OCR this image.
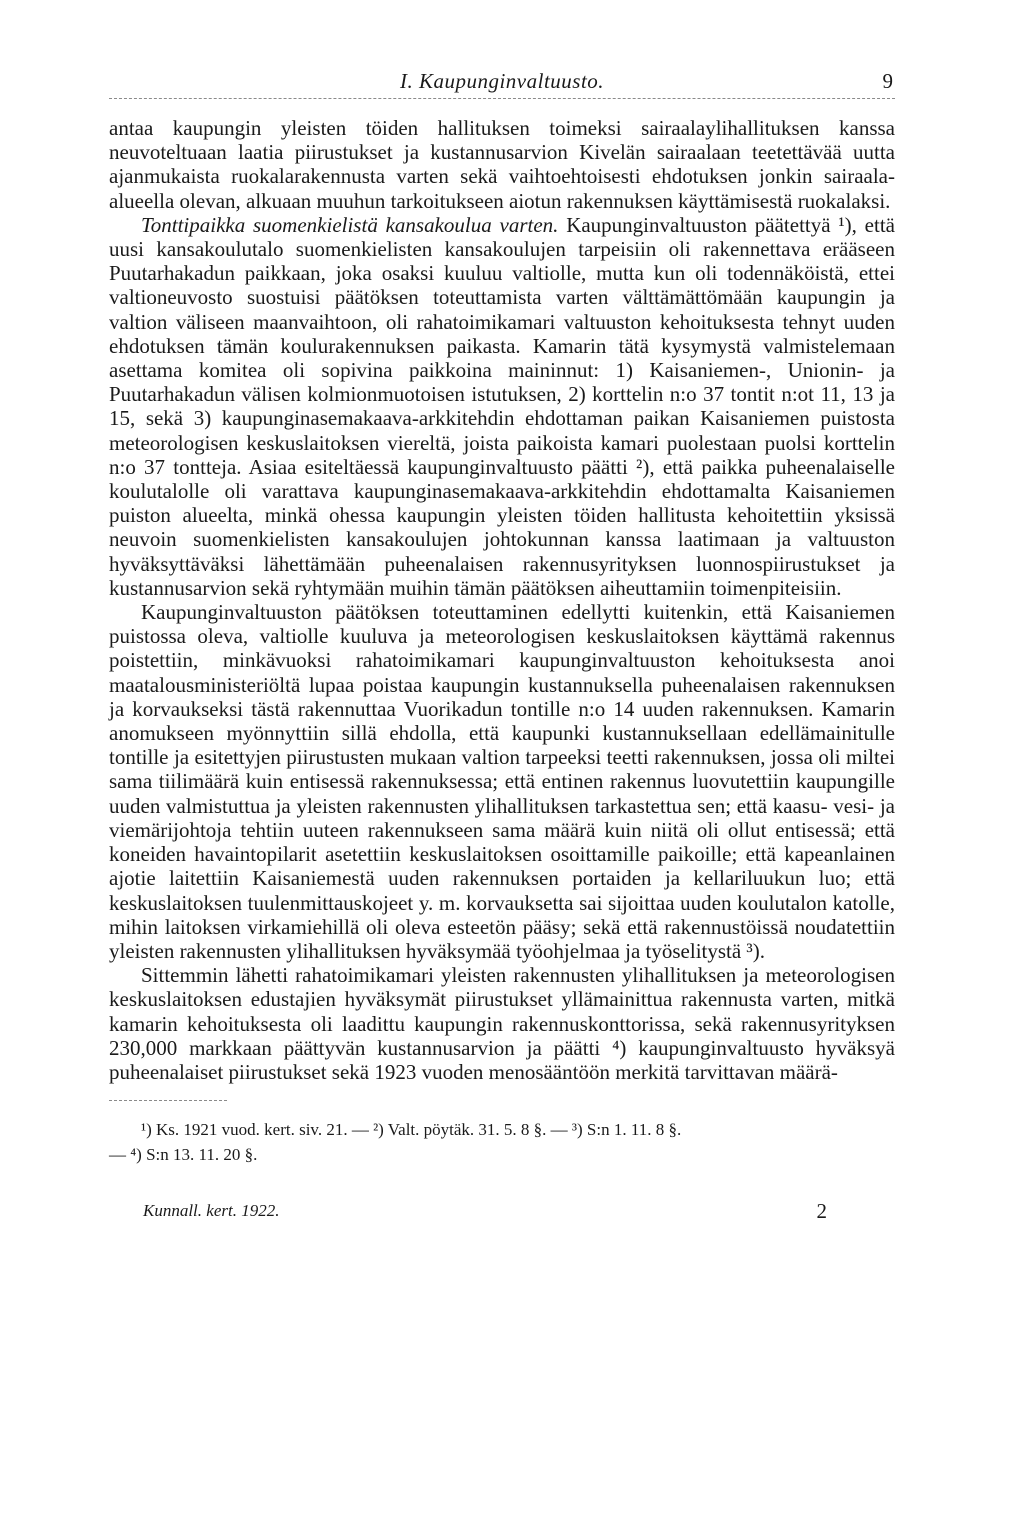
I. Kaupunginvaltuusto.	9

antaa kaupungin yleisten töiden hallituksen toimeksi sairaalaylihallituksen kanssa neuvoteltuaan laatia piirustukset ja kustannusarvion Kivelän sairaalaan teetettävää uutta ajanmukaista ruokalarakennusta varten sekä vaihtoehtoisesti ehdotuksen jonkin sairaala-alueella olevan, alkuaan muuhun tarkoitukseen aiotun rakennuksen käyttämisestä ruokalaksi.

Tonttipaikka suomenkielistä kansakoulua varten. Kaupunginvaltuuston päätettyä ¹), että uusi kansakoulutalo suomenkielisten kansakoulujen tarpeisiin oli rakennettava erääseen Puutarhakadun paikkaan, joka osaksi kuuluu valtiolle, mutta kun oli todennäköistä, ettei valtioneuvosto suostuisi päätöksen toteuttamista varten välttämättömään kaupungin ja valtion väliseen maanvaihtoon, oli rahatoimikamari valtuuston kehoituksesta tehnyt uuden ehdotuksen tämän koulurakennuksen paikasta. Kamarin tätä kysymystä valmistelemaan asettama komitea oli sopivina paikkoina maininnut: 1) Kaisaniemen-, Unionin- ja Puutarhakadun välisen kolmionmuotoisen istutuksen, 2) korttelin n:o 37 tontit n:ot 11, 13 ja 15, sekä 3) kaupunginasemakaava-arkkitehdin ehdottaman paikan Kaisaniemen puistosta meteorologisen keskuslaitoksen viereltä, joista paikoista kamari puolestaan puolsi korttelin n:o 37 tontteja. Asiaa esiteltäessä kaupunginvaltuusto päätti ²), että paikka puheenalaiselle koulutalolle oli varattava kaupunginasemakaava-arkkitehdin ehdottamalta Kaisaniemen puiston alueelta, minkä ohessa kaupungin yleisten töiden hallitusta kehoitettiin yksissä neuvoin suomenkielisten kansakoulujen johtokunnan kanssa laatimaan ja valtuuston hyväksyttäväksi lähettämään puheenalaisen rakennusyrityksen luonnospiirustukset ja kustannusarvion sekä ryhtymään muihin tämän päätöksen aiheuttamiin toimenpiteisiin.

Kaupunginvaltuuston päätöksen toteuttaminen edellytti kuitenkin, että Kaisaniemen puistossa oleva, valtiolle kuuluva ja meteorologisen keskuslaitoksen käyttämä rakennus poistettiin, minkävuoksi rahatoimikamari kaupunginvaltuuston kehoituksesta anoi maatalousministeriöltä lupaa poistaa kaupungin kustannuksella puheenalaisen rakennuksen ja korvaukseksi tästä rakennuttaa Vuorikadun tontille n:o 14 uuden rakennuksen. Kamarin anomukseen myönnyttiin sillä ehdolla, että kaupunki kustannuksellaan edellämainitulle tontille ja esitettyjen piirustusten mukaan valtion tarpeeksi teetti rakennuksen, jossa oli miltei sama tiilimäärä kuin entisessä rakennuksessa; että entinen rakennus luovutettiin kaupungille uuden valmistuttua ja yleisten rakennusten ylihallituksen tarkastettua sen; että kaasu- vesi- ja viemärijohtoja tehtiin uuteen rakennukseen sama määrä kuin niitä oli ollut entisessä; että koneiden havaintopilarit asetettiin keskuslaitoksen osoittamille paikoille; että kapeanlainen ajotie laitettiin Kaisaniemestä uuden rakennuksen portaiden ja kellariluukun luo; että keskuslaitoksen tuulenmittauskojeet y. m. korvauksetta sai sijoittaa uuden koulutalon katolle, mihin laitoksen virkamiehillä oli oleva esteetön pääsy; sekä että rakennustöissä noudatettiin yleisten rakennusten ylihallituksen hyväksymää työohjelmaa ja työselitystä ³).

Sittemmin lähetti rahatoimikamari yleisten rakennusten ylihallituksen ja meteorologisen keskuslaitoksen edustajien hyväksymät piirustukset yllämainittua rakennusta varten, mitkä kamarin kehoituksesta oli laadittu kaupungin rakennuskonttorissa, sekä rakennusyrityksen 230,000 markkaan päättyvän kustannusarvion ja päätti ⁴) kaupunginvaltuusto hyväksyä puheenalaiset piirustukset sekä 1923 vuoden menosääntöön merkitä tarvittavan määrä-

¹) Ks. 1921 vuod. kert. siv. 21. — ²) Valt. pöytäk. 31. 5. 8 §. — ³) S:n 1. 11. 8 §.

— ⁴) S:n 13. 11. 20 §.

Kunnall. kert. 1922.	2
